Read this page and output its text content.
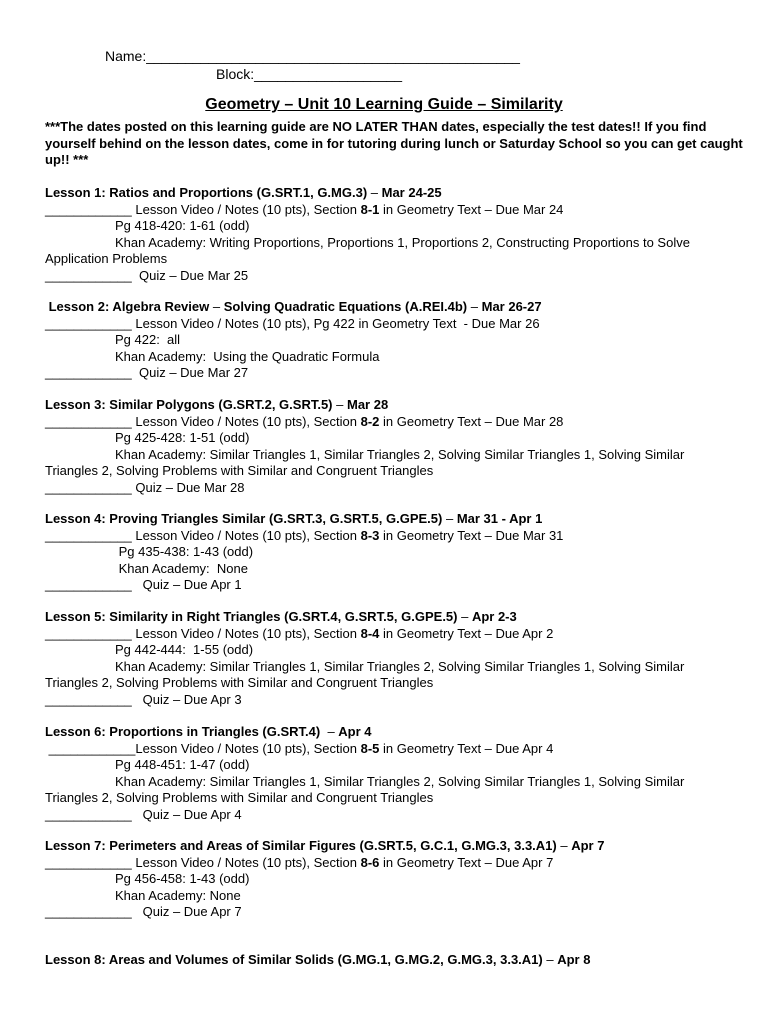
Name:________________________________________________
Block:___________________
Geometry – Unit 10 Learning Guide – Similarity
***The dates posted on this learning guide are NO LATER THAN dates, especially the test dates!! If you find yourself behind on the lesson dates, come in for tutoring during lunch or Saturday School so you can get caught up!! ***
Lesson 1: Ratios and Proportions (G.SRT.1, G.MG.3) – Mar 24-25
____________ Lesson Video / Notes (10 pts), Section 8-1 in Geometry Text – Due Mar 24
Pg 418-420: 1-61 (odd)
Khan Academy: Writing Proportions, Proportions 1, Proportions 2, Constructing Proportions to Solve Application Problems
____________  Quiz – Due Mar 25
Lesson 2: Algebra Review – Solving Quadratic Equations (A.REI.4b) – Mar 26-27
____________ Lesson Video / Notes (10 pts), Pg 422 in Geometry Text  - Due Mar 26
Pg 422:  all
Khan Academy:  Using the Quadratic Formula
____________  Quiz – Due Mar 27
Lesson 3: Similar Polygons (G.SRT.2, G.SRT.5) – Mar 28
____________ Lesson Video / Notes (10 pts), Section 8-2 in Geometry Text – Due Mar 28
Pg 425-428: 1-51 (odd)
Khan Academy: Similar Triangles 1, Similar Triangles 2, Solving Similar Triangles 1, Solving Similar Triangles 2, Solving Problems with Similar and Congruent Triangles
____________ Quiz – Due Mar 28
Lesson 4: Proving Triangles Similar (G.SRT.3, G.SRT.5, G.GPE.5) – Mar 31 - Apr 1
____________ Lesson Video / Notes (10 pts), Section 8-3 in Geometry Text – Due Mar 31
Pg 435-438: 1-43 (odd)
Khan Academy:  None
____________   Quiz – Due Apr 1
Lesson 5: Similarity in Right Triangles (G.SRT.4, G.SRT.5, G.GPE.5) – Apr 2-3
____________ Lesson Video / Notes (10 pts), Section 8-4 in Geometry Text – Due Apr 2
Pg 442-444:  1-55 (odd)
Khan Academy: Similar Triangles 1, Similar Triangles 2, Solving Similar Triangles 1, Solving Similar Triangles 2, Solving Problems with Similar and Congruent Triangles
____________   Quiz – Due Apr 3
Lesson 6: Proportions in Triangles (G.SRT.4)  – Apr 4
____________Lesson Video / Notes (10 pts), Section 8-5 in Geometry Text – Due Apr 4
Pg 448-451: 1-47 (odd)
Khan Academy: Similar Triangles 1, Similar Triangles 2, Solving Similar Triangles 1, Solving Similar Triangles 2, Solving Problems with Similar and Congruent Triangles
____________   Quiz – Due Apr 4
Lesson 7: Perimeters and Areas of Similar Figures (G.SRT.5, G.C.1, G.MG.3, 3.3.A1) – Apr 7
____________ Lesson Video / Notes (10 pts), Section 8-6 in Geometry Text – Due Apr 7
Pg 456-458: 1-43 (odd)
Khan Academy: None
____________   Quiz – Due Apr 7
Lesson 8: Areas and Volumes of Similar Solids (G.MG.1, G.MG.2, G.MG.3, 3.3.A1) – Apr 8
